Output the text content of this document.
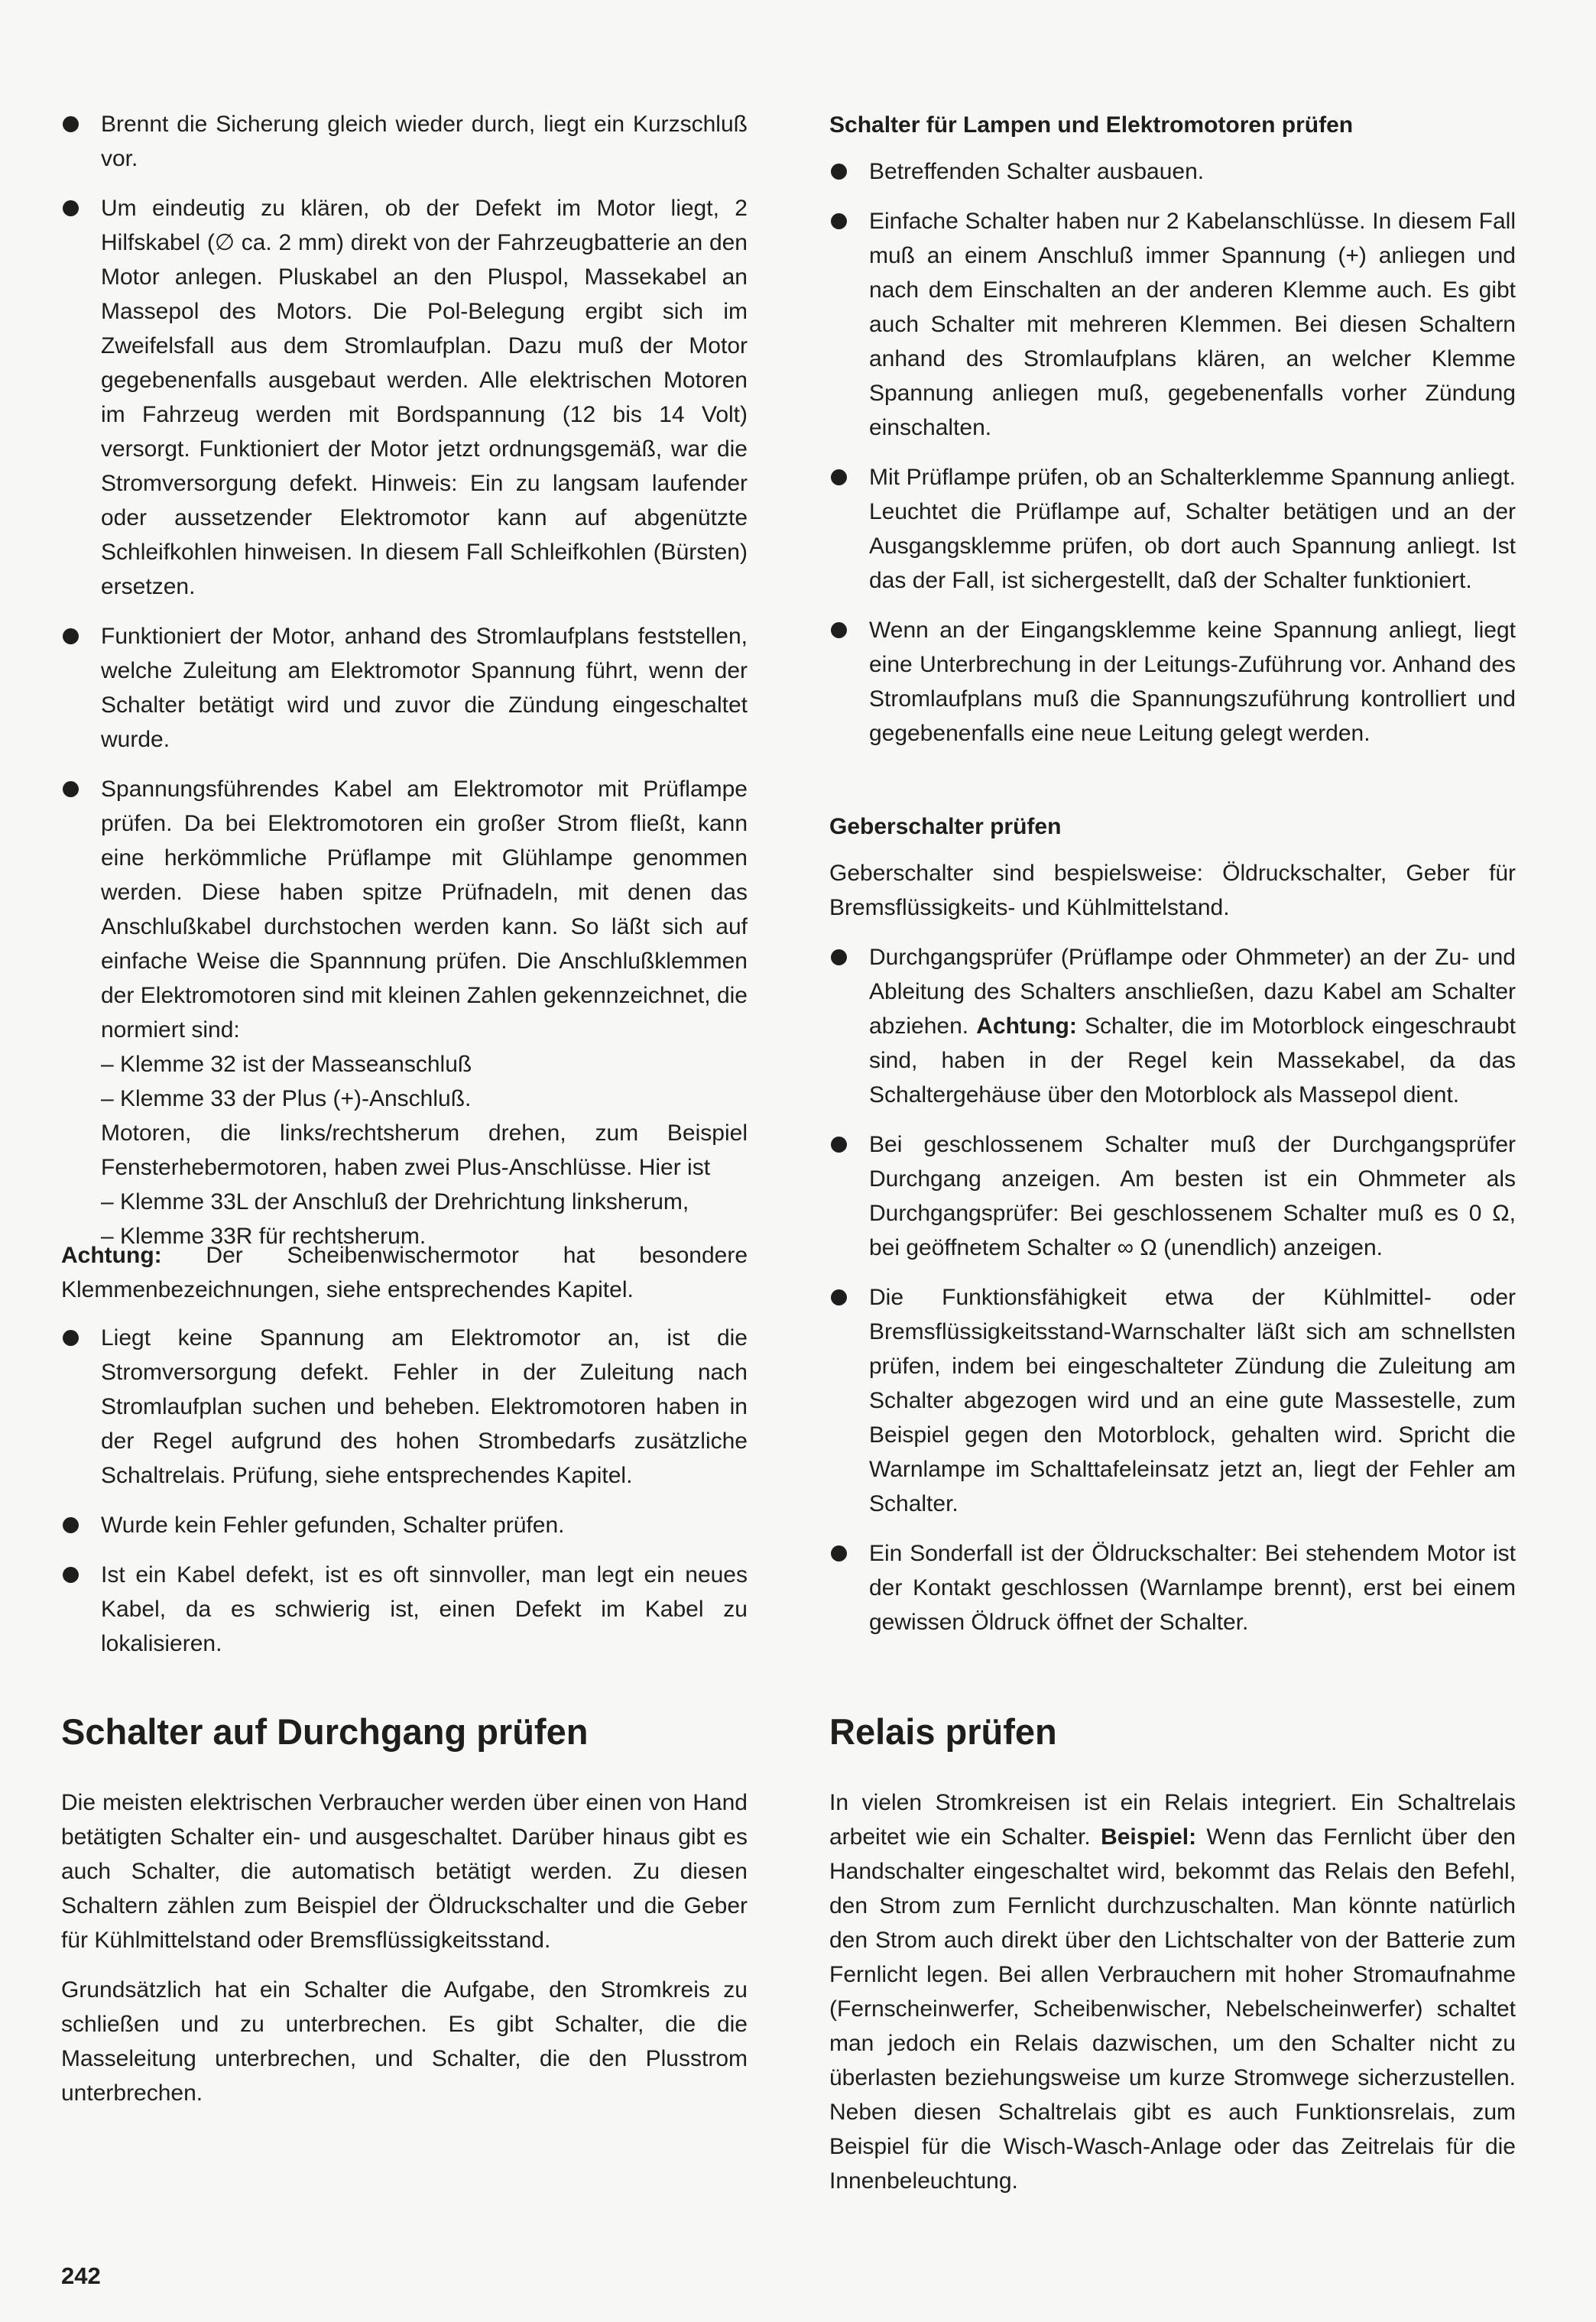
Brennt die Sicherung gleich wieder durch, liegt ein Kurzschluß vor.

Um eindeutig zu klären, ob der Defekt im Motor liegt, 2 Hilfskabel (∅ ca. 2 mm) direkt von der Fahrzeugbatterie an den Motor anlegen. Pluskabel an den Pluspol, Massekabel an Massepol des Motors. Die Pol-Belegung ergibt sich im Zweifelsfall aus dem Stromlaufplan. Dazu muß der Motor gegebenenfalls ausgebaut werden. Alle elektrischen Motoren im Fahrzeug werden mit Bordspannung (12 bis 14 Volt) versorgt. Funktioniert der Motor jetzt ordnungsgemäß, war die Stromversorgung defekt. Hinweis: Ein zu langsam laufender oder aussetzender Elektromotor kann auf abgenützte Schleifkohlen hinweisen. In diesem Fall Schleifkohlen (Bürsten) ersetzen.

Funktioniert der Motor, anhand des Stromlaufplans feststellen, welche Zuleitung am Elektromotor Spannung führt, wenn der Schalter betätigt wird und zuvor die Zündung eingeschaltet wurde.

Spannungsführendes Kabel am Elektromotor mit Prüflampe prüfen. Da bei Elektromotoren ein großer Strom fließt, kann eine herkömmliche Prüflampe mit Glühlampe genommen werden. Diese haben spitze Prüfnadeln, mit denen das Anschlußkabel durchstochen werden kann. So läßt sich auf einfache Weise die Spannnung prüfen. Die Anschlußklemmen der Elektromotoren sind mit kleinen Zahlen gekennzeichnet, die normiert sind:

– Klemme 32 ist der Masseanschluß
– Klemme 33 der Plus (+)-Anschluß.

Motoren, die links/rechtsherum drehen, zum Beispiel Fensterhebermotoren, haben zwei Plus-Anschlüsse. Hier ist

– Klemme 33L der Anschluß der Drehrichtung linksherum,
– Klemme 33R für rechtsherum.

Achtung: Der Scheibenwischermotor hat besondere Klemmenbezeichnungen, siehe entsprechendes Kapitel.

Liegt keine Spannung am Elektromotor an, ist die Stromversorgung defekt. Fehler in der Zuleitung nach Stromlaufplan suchen und beheben. Elektromotoren haben in der Regel aufgrund des hohen Strombedarfs zusätzliche Schaltrelais. Prüfung, siehe entsprechendes Kapitel.

Wurde kein Fehler gefunden, Schalter prüfen.

Ist ein Kabel defekt, ist es oft sinnvoller, man legt ein neues Kabel, da es schwierig ist, einen Defekt im Kabel zu lokalisieren.

Schalter auf Durchgang prüfen

Die meisten elektrischen Verbraucher werden über einen von Hand betätigten Schalter ein- und ausgeschaltet. Darüber hinaus gibt es auch Schalter, die automatisch betätigt werden. Zu diesen Schaltern zählen zum Beispiel der Öldruckschalter und die Geber für Kühlmittelstand oder Bremsflüssigkeitsstand.

Grundsätzlich hat ein Schalter die Aufgabe, den Stromkreis zu schließen und zu unterbrechen. Es gibt Schalter, die die Masseleitung unterbrechen, und Schalter, die den Plusstrom unterbrechen.

Schalter für Lampen und Elektromotoren prüfen

Betreffenden Schalter ausbauen.

Einfache Schalter haben nur 2 Kabelanschlüsse. In diesem Fall muß an einem Anschluß immer Spannung (+) anliegen und nach dem Einschalten an der anderen Klemme auch. Es gibt auch Schalter mit mehreren Klemmen. Bei diesen Schaltern anhand des Stromlaufplans klären, an welcher Klemme Spannung anliegen muß, gegebenenfalls vorher Zündung einschalten.

Mit Prüflampe prüfen, ob an Schalterklemme Spannung anliegt. Leuchtet die Prüflampe auf, Schalter betätigen und an der Ausgangsklemme prüfen, ob dort auch Spannung anliegt. Ist das der Fall, ist sichergestellt, daß der Schalter funktioniert.

Wenn an der Eingangsklemme keine Spannung anliegt, liegt eine Unterbrechung in der Leitungs-Zuführung vor. Anhand des Stromlaufplans muß die Spannungszuführung kontrolliert und gegebenenfalls eine neue Leitung gelegt werden.

Geberschalter prüfen

Geberschalter sind bespielsweise: Öldruckschalter, Geber für Bremsflüssigkeits- und Kühlmittelstand.

Durchgangsprüfer (Prüflampe oder Ohmmeter) an der Zu- und Ableitung des Schalters anschließen, dazu Kabel am Schalter abziehen. Achtung: Schalter, die im Motorblock eingeschraubt sind, haben in der Regel kein Massekabel, da das Schaltergehäuse über den Motorblock als Massepol dient.

Bei geschlossenem Schalter muß der Durchgangsprüfer Durchgang anzeigen. Am besten ist ein Ohmmeter als Durchgangsprüfer: Bei geschlossenem Schalter muß es 0 Ω, bei geöffnetem Schalter ∞ Ω (unendlich) anzeigen.

Die Funktionsfähigkeit etwa der Kühlmittel- oder Bremsflüssigkeitsstand-Warnschalter läßt sich am schnellsten prüfen, indem bei eingeschalteter Zündung die Zuleitung am Schalter abgezogen wird und an eine gute Massestelle, zum Beispiel gegen den Motorblock, gehalten wird. Spricht die Warnlampe im Schalttafeleinsatz jetzt an, liegt der Fehler am Schalter.

Ein Sonderfall ist der Öldruckschalter: Bei stehendem Motor ist der Kontakt geschlossen (Warnlampe brennt), erst bei einem gewissen Öldruck öffnet der Schalter.

Relais prüfen

In vielen Stromkreisen ist ein Relais integriert. Ein Schaltrelais arbeitet wie ein Schalter. Beispiel: Wenn das Fernlicht über den Handschalter eingeschaltet wird, bekommt das Relais den Befehl, den Strom zum Fernlicht durchzuschalten. Man könnte natürlich den Strom auch direkt über den Lichtschalter von der Batterie zum Fernlicht legen. Bei allen Verbrauchern mit hoher Stromaufnahme (Fernscheinwerfer, Scheibenwischer, Nebelscheinwerfer) schaltet man jedoch ein Relais dazwischen, um den Schalter nicht zu überlasten beziehungsweise um kurze Stromwege sicherzustellen. Neben diesen Schaltrelais gibt es auch Funktionsrelais, zum Beispiel für die Wisch-Wasch-Anlage oder das Zeitrelais für die Innenbeleuchtung.

242
